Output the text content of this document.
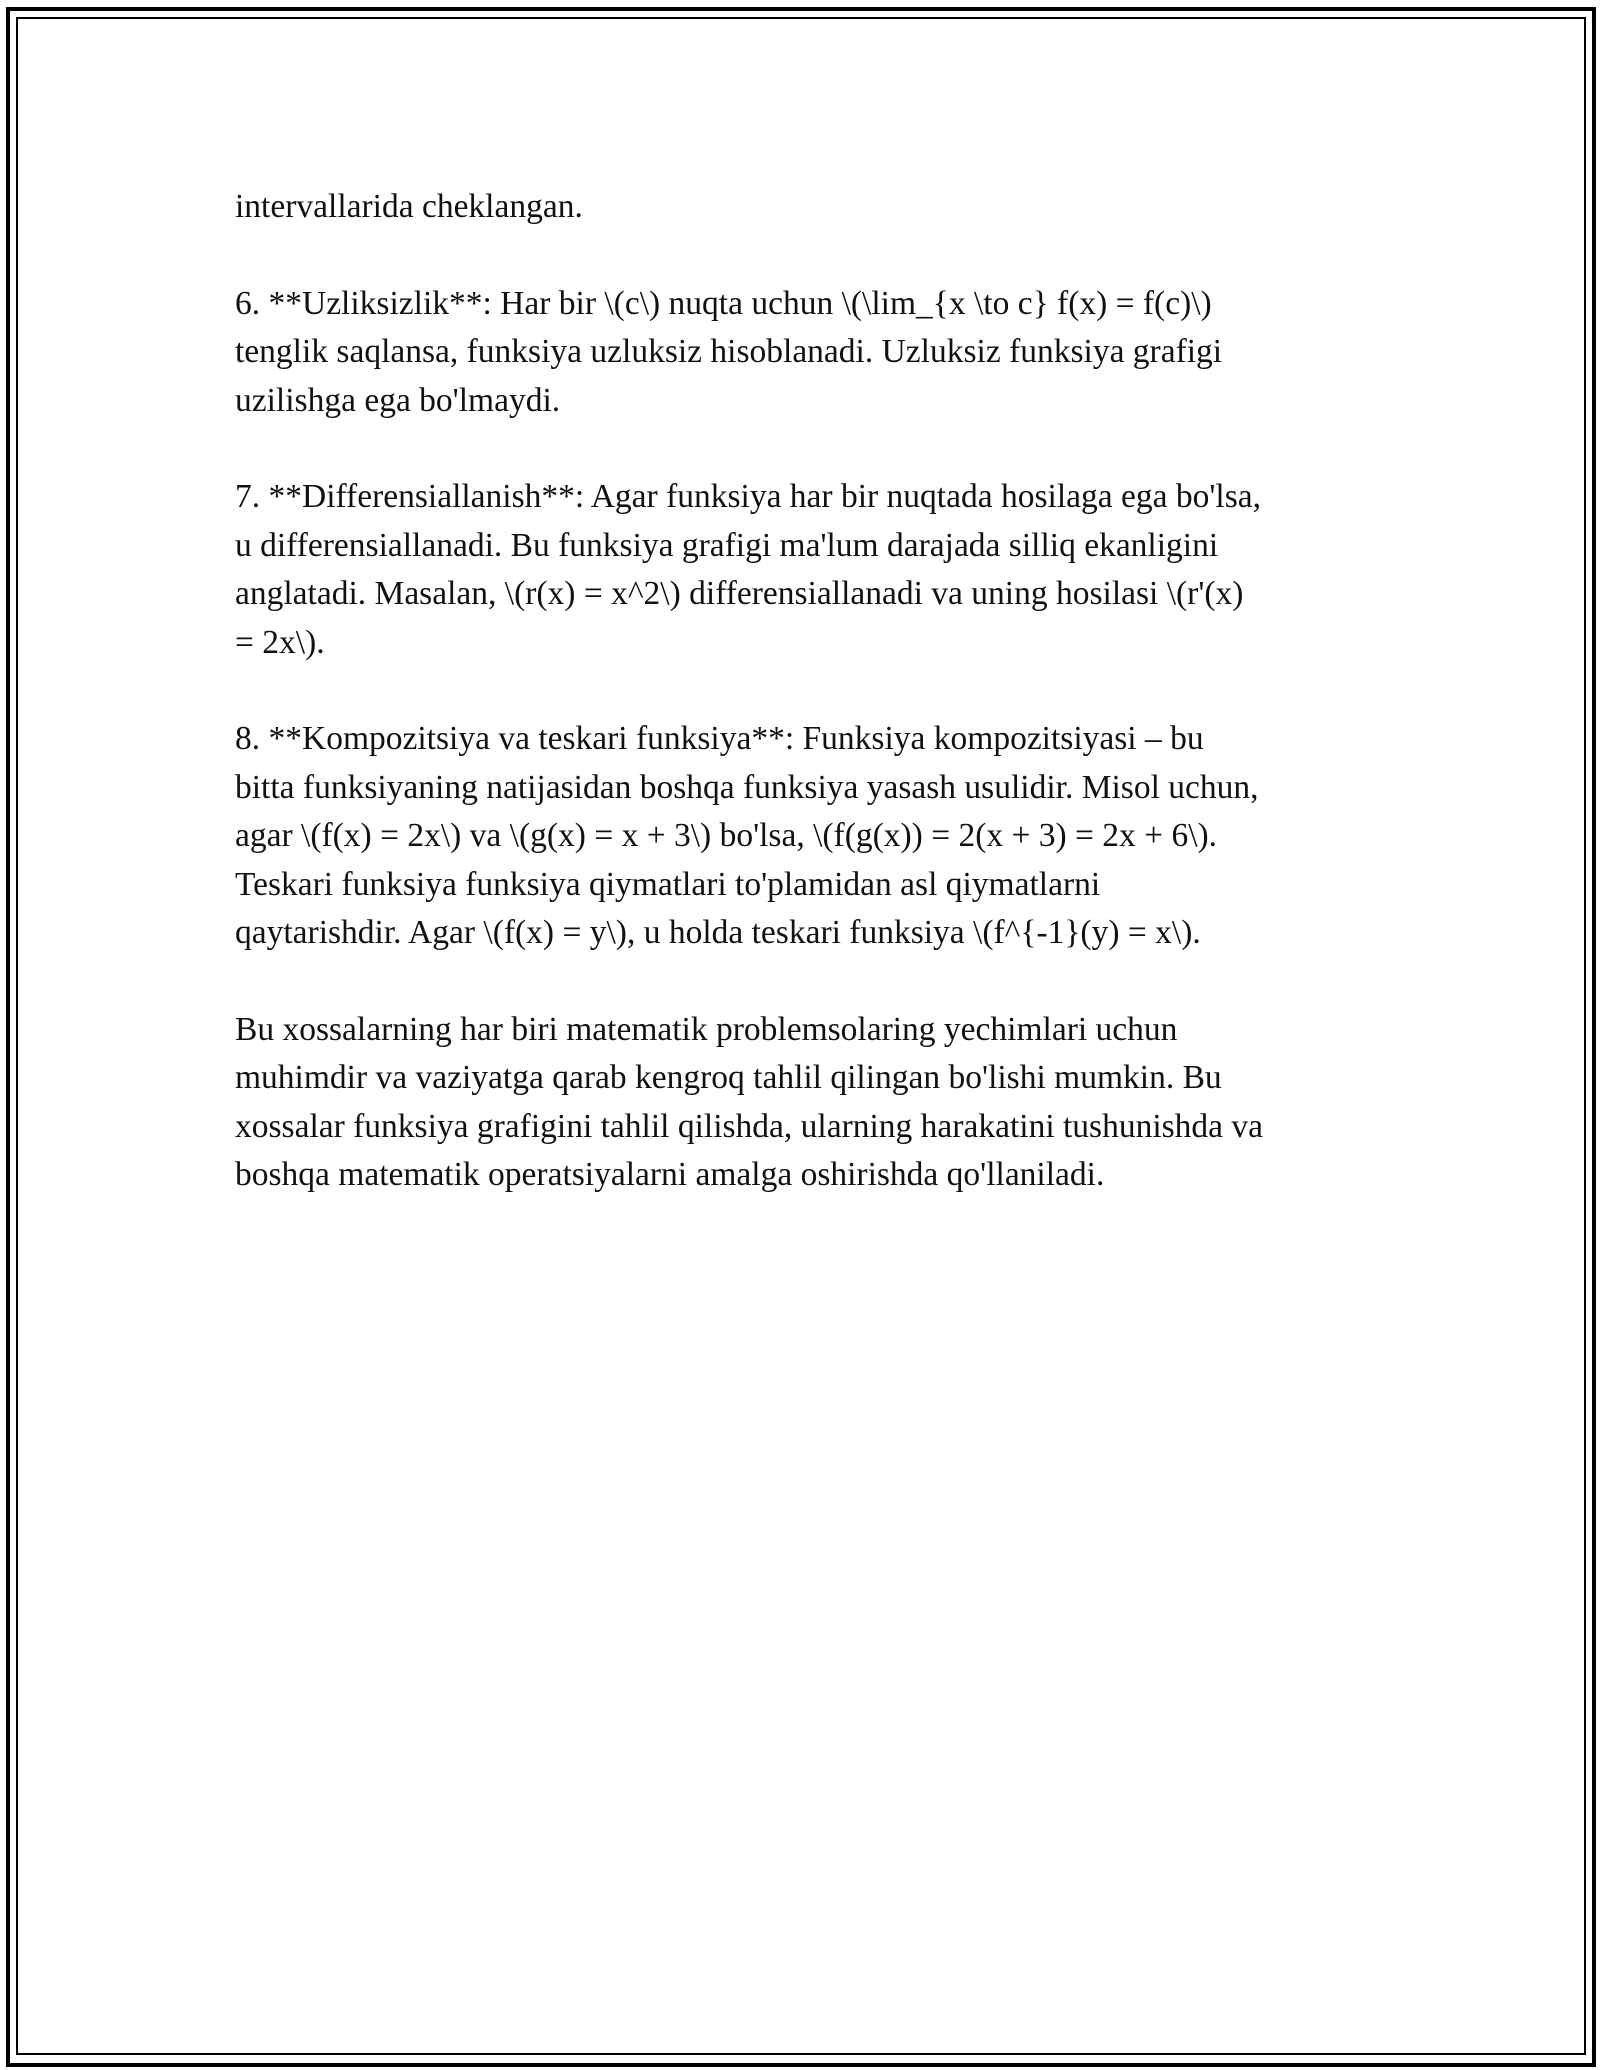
intervallarida cheklangan.

6. **Uzliksizlik**: Har bir \(c\) nuqta uchun \(\lim_{x \to c} f(x) = f(c)\)
tenglik saqlansa, funksiya uzluksiz hisoblanadi. Uzluksiz funksiya grafigi
uzilishga ega bo'lmaydi.

7. **Differensiallanish**: Agar funksiya har bir nuqtada hosilaga ega bo'lsa,
u differensiallanadi. Bu funksiya grafigi ma'lum darajada silliq ekanligini
anglatadi. Masalan, \(r(x) = x^2\) differensiallanadi va uning hosilasi \(r'(x)
= 2x\).

8. **Kompozitsiya va teskari funksiya**: Funksiya kompozitsiyasi – bu
bitta funksiyaning natijasidan boshqa funksiya yasash usulidir. Misol uchun,
agar \(f(x) = 2x\) va \(g(x) = x + 3\) bo'lsa, \(f(g(x)) = 2(x + 3) = 2x + 6\).
Teskari funksiya funksiya qiymatlari to'plamidan asl qiymatlarni
qaytarishdir. Agar \(f(x) = y\), u holda teskari funksiya \(f^{-1}(y) = x\).

Bu xossalarning har biri matematik problemsolaring yechimlari uchun
muhimdir va vaziyatga qarab kengroq tahlil qilingan bo'lishi mumkin. Bu
xossalar funksiya grafigini tahlil qilishda, ularning harakatini tushunishda va
boshqa matematik operatsiyalarni amalga oshirishda qo'llaniladi.
